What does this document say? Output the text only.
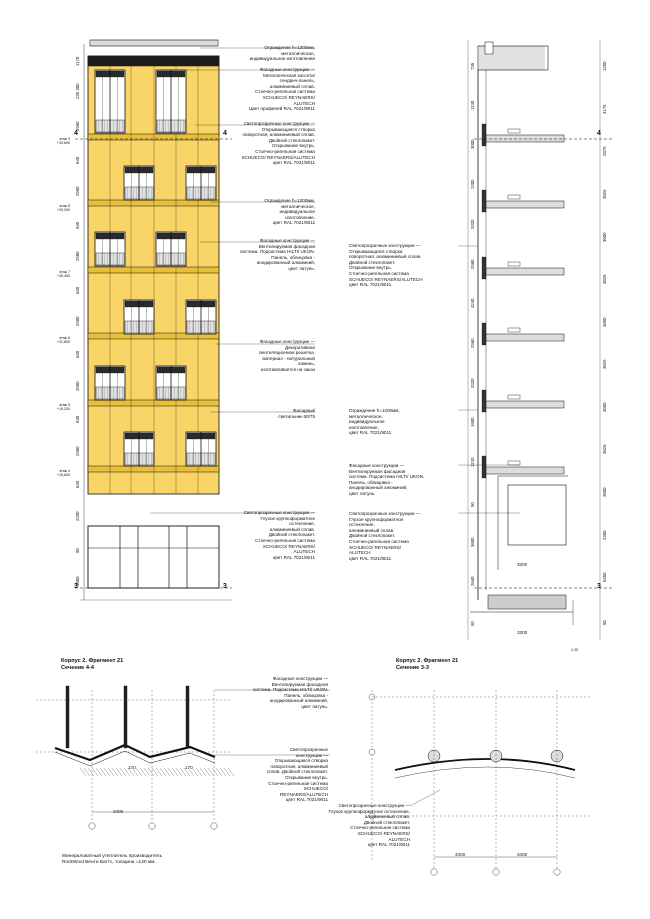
Ограждение h=1200мм,
металлическое,
индивидуальное изготовление
Фасадные конструкции —
Металлическая кассета/
сендвич-панель,
алюминиевый сплав.
Стоечно-ригельная система
SCHUECO/ REYNAERS/
ALUTECH
Цвет профилей RAL 7021/9011
Светопрозрачные конструкции —
Открывающаяся створка
поворотная, алюминиевый сплав.
Двойной стеклопакет.
Открывание внутрь.
Стоечно-ригельная система
SCHUECO/ REYNAERS/ALUTECH
цвет RAL 7021/9011
Ограждение h=1200мм,
металлическое,
индивидуальное
изготовление,
цвет RAL 7021/9011
Фасадные конструкции —
Вентилируемая фасадная
система. Подсистема HILTI/ UKON.
Панель, облицовка -
анодированный алюминий,
цвет латунь.
Фасадные конструкции —
Декоративная
вентиляционная решетка.
материал - натуральный
камень,
изготавливается на заказ
Фасадный
светильник 60/75
Светопрозрачные конструкции —
Глухое крупноформатное
остекление,
алюминиевый сплав.
Двойной стеклопакет.
Стоечно-ригельная система
SCHUECO/ REYNAERS/
ALUTECH
цвет RAL 7021/9011
Светопрозрачные конструкции —
Открывающаяся створка
поворотная, алюминиевый сплав.
Двойной стеклопакет.
Открывание внутрь.
Стоечно-ригельная система
SCHUECO/ REYNAERS/ALUTECH
цвет RAL 7021/9011
Ограждение h=1200мм,
металлическое,
индивидуальное
изготовление,
цвет RAL 7021/9011
Фасадные конструкции —
Вентилируемая фасадная
система. Подсистема HILTI/ UKON.
Панель, облицовка -
анодированный алюминий,
цвет латунь.
Светопрозрачные конструкции —
Глухое крупноформатное
остекление,
алюминиевый сплав.
Двойной стеклопакет.
Стоечно-ригельная система
SCHUECO/ REYNAERS/
ALUTECH
цвет RAL 7021/9011
этаж 9
+33,600
этаж 8
+30,000
этаж 7
+26,400
этаж 6
+22,800
этаж 5
+19,200
этаж 4
+15,600
4	4
3	3
4
3
3300
3300
4.35
Корпус 2. Фрагмент 21
Сечение 4-4
Фасадные конструкции —
Вентилируемая фасадная
система. Подсистема HILTI/ UKON.
Панель, облицовка -
анодированный алюминий,
цвет латунь.
Светопрозрачные
конструкции —
Открывающаяся створка
поворотная, алюминиевый
сплав. Двойной стеклопакет.
Открывание внутрь.
Стоечно-ригельная система
SCHUECO/
REYNAERS/ALUTECH
цвет RAL 7021/9011
170	170
3400
Минераловатный утеплитель производитель
RockWool Венти Баттс, толщина =120 мм.
Корпус 2. Фрагмент 21
Сечение 3-3
Светопрозрачные конструкции —
Глухое крупноформатное остекление,
алюминиевый сплав.
Двойной стеклопакет.
Стоечно-ригельная система
SCHUECO/ REYNAERS/
ALUTECH
цвет RAL 7021/9011
3400	3400
1170
235 300
2960
640
2960
640
2960
640
2960
640
2960
640
2960
640
2200
50
3600
735
1130
3000
1200
3320
2960
4240
2960
3320
1600
1210
50
3600
2640
50
1200
4175
2675
3825
3600
3825
3600
3825
3600
3825
3600
2400
6450
50
